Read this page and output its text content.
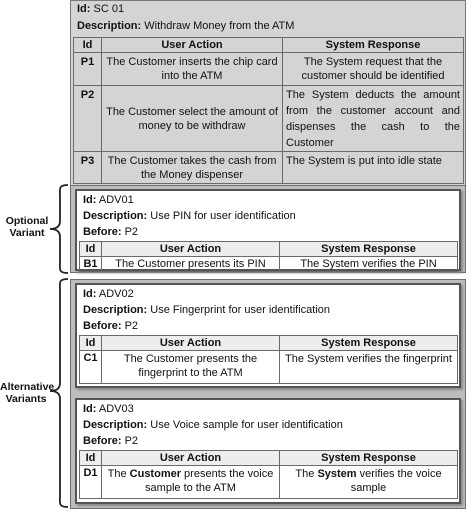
Id: SC 01
Description: Withdraw Money from the ATM
Id	User Action	System Response
P1	The Customer inserts the chip card into the ATM	The System request that the customer should be identified
P2	The Customer select the amount of money to be withdraw	The System deducts the amount from the customer account and dispenses the cash to the Customer
P3	The Customer takes the cash from the Money dispenser	The System is put into idle state
Optional
Variant
Id: ADV01
Description: Use PIN for user identification
Before: P2
Id	User Action	System Response
B1	The Customer presents its PIN	The System verifies the PIN
Alternative
Variants
Id: ADV02
Description: Use Fingerprint for user identification
Before: P2
Id	User Action	System Response
C1	The Customer presents the fingerprint to the ATM	The System verifies the fingerprint
Id: ADV03
Description: Use Voice sample for user identification
Before: P2
Id	User Action	System Response
D1	The Customer presents the voice sample to the ATM	The System verifies the voice sample
